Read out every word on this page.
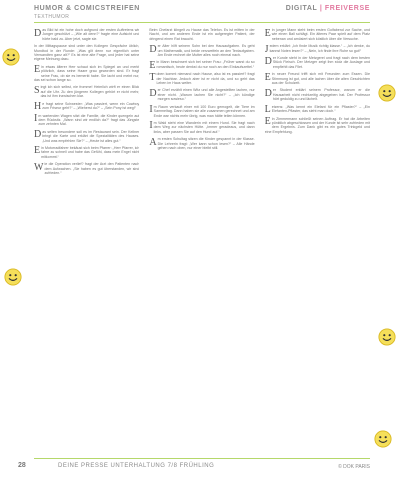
HUMOR & COMICSTREIFEN
TEXTHUMOR
DIGITAL | FREIVERSE

Das Bild ist ein hohe doch aufgrund der ersten Auftretens wir Junger geschützt – „Wie alt denn?“ fragte eine Aufsicht und hörte bald zu. Aber jetzt, sagte sie.

In der Mittagspause sind unter den Kollegen Gespräche üblich, Mundtod in der Runde: „Was gilt denn nur eigentlich unter Verwandten ganz alt?“ Es ist eine alte Frage, und jeder hat seine eigene Meinung dazu.

Ein etwas älterer Herr schaut sich im Spiegel an und merkt plötzlich, dass seine Haare grau geworden sind. Er fragt seine Frau, ob sie es bemerkt habe. Sie lacht und meint nur, das sei schon lange so.

Singt ich sich selbst, nie fromme! Heimlich wirft er einen Blick auf die Uhr. Zu den jüngeren Kollegen gehört er nicht mehr, das ist ihm inzwischen klar.

He fragt seine Schwester: „Was passiert, wenn ein Cowboy zum Friseur geht?“ – „Wieherst du?“ – „Sein Pony ist weg!“

Im wartenden Wagen sitzt die Familie, die Kinder quengeln auf dem Rücksitz. „Wann sind wir endlich da?“ fragt das Jüngste zum zehnten Mal.

Das selten besondere soll es im Restaurant sein. Der Kellner bringt die Karte und erklärt die Spezialitäten des Hauses. „Und was empfehlen Sie?“ – „Heute ist alles gut.“

Ein Motorradfahrer bekäust sich beim Pfarrer: „Herr Pfarrer, ich fahre zu schnell und habe das Gefühl, dass mein Engel nicht mitkommt.“

Wie die Operation verlief? fragt der Arzt den Patienten nach dem Aufwachen. „Sie haben es gut überstanden, wir sind zufrieden.“

Beim Chefarzt klingelt zu Hause das Telefon. Es ist mitten in der Nacht, und am anderen Ende ist ein aufgeregter Patient, der dringend einen Rat braucht.

Der Alter hilft seinem Sohn bei den Hausaufgaben. Es geht um Mathematik, und beide verzweifeln an den Textaufgaben. Am Ende rechnet die Mutter alles noch einmal nach.

Ein Mann beschwert sich bei seiner Frau: „Früher warst du so romantisch, heute denkst du nur noch an den Einkaufszettel.“

Toben kommt niemand nach Hause, also ist es passiert? fragt der Nachbar. Jedoch aber ist er nicht da, und so geht das Leben im Haus weiter.

Der Chef erzählt einen Witz und alle Angestellten lachen, nur einer nicht. „Warum lachen Sie nicht?“ – „Ich kündige morgen sowieso.“

Im Raum verkauft einer mit 100 Euro gemogelt, die Tiere im Sammeltag. Dann haben sie alle zusammen gerechnet und am Ende war nichts mehr übrig, was man hätte teilen können.

Im Wald steht eine Wanderin mit einem Hund. Sie fragt nach dem Weg zur nächsten Hütte. „Immer geradeaus, und dann links, aber passen Sie auf den Hund auf.“

Am ersten Schultag sitzen die Kinder gespannt in der Klasse. Die Lehrerin fragt: „Wer kann schon lesen?“ – Alle Hände gehen nach oben, nur einer bleibt still.

Ein junger Mann steht beim ersten Golfabend zur Sache, und wie einen Ball schlägt. Ein älteres Paar spielt auf dem Platz nebenan und amüsiert sich köstlich über die Versuche.

Jedem erklärt: „Ich finde Musik richtig klasse.“ – „Ich denke, du kannst Noten lesen?“ – „Nein, ich finde ihre Ruhe so gut!“

Der Kunde steht in der Metzgerei und fragt nach dem besten Stück Fleisch. Der Metzger zeigt ihm stolz die Auslage und empfiehlt das Filet.

Ein neuer Freund trifft sich mit Freunden zum Essen. Die Stimmung ist gut, und alle lachen über die alten Geschichten aus der Schulzeit.

Der Student erklärt seinem Professor, warum er die Hausarbeit nicht rechtzeitig abgegeben hat. Der Professor hört geduldig zu und lächelt.

Letzens: „Was kennt ein Elefant für ein Pflaster?“ – „Ein Elefanten-Pflaster, das sieht man doch.“

Ein Zimmermann schließt seinen Auftrag. Er hat die Arbeiten pünktlich abgeschlossen und der Kunde ist sehr zufrieden mit dem Ergebnis. Zum Dank gibt es ein gutes Trinkgeld und eine Empfehlung.

28	DEINE PRESSE UNTERHALTUNG 7/8 FRÜHLING	© DOK PARIS
